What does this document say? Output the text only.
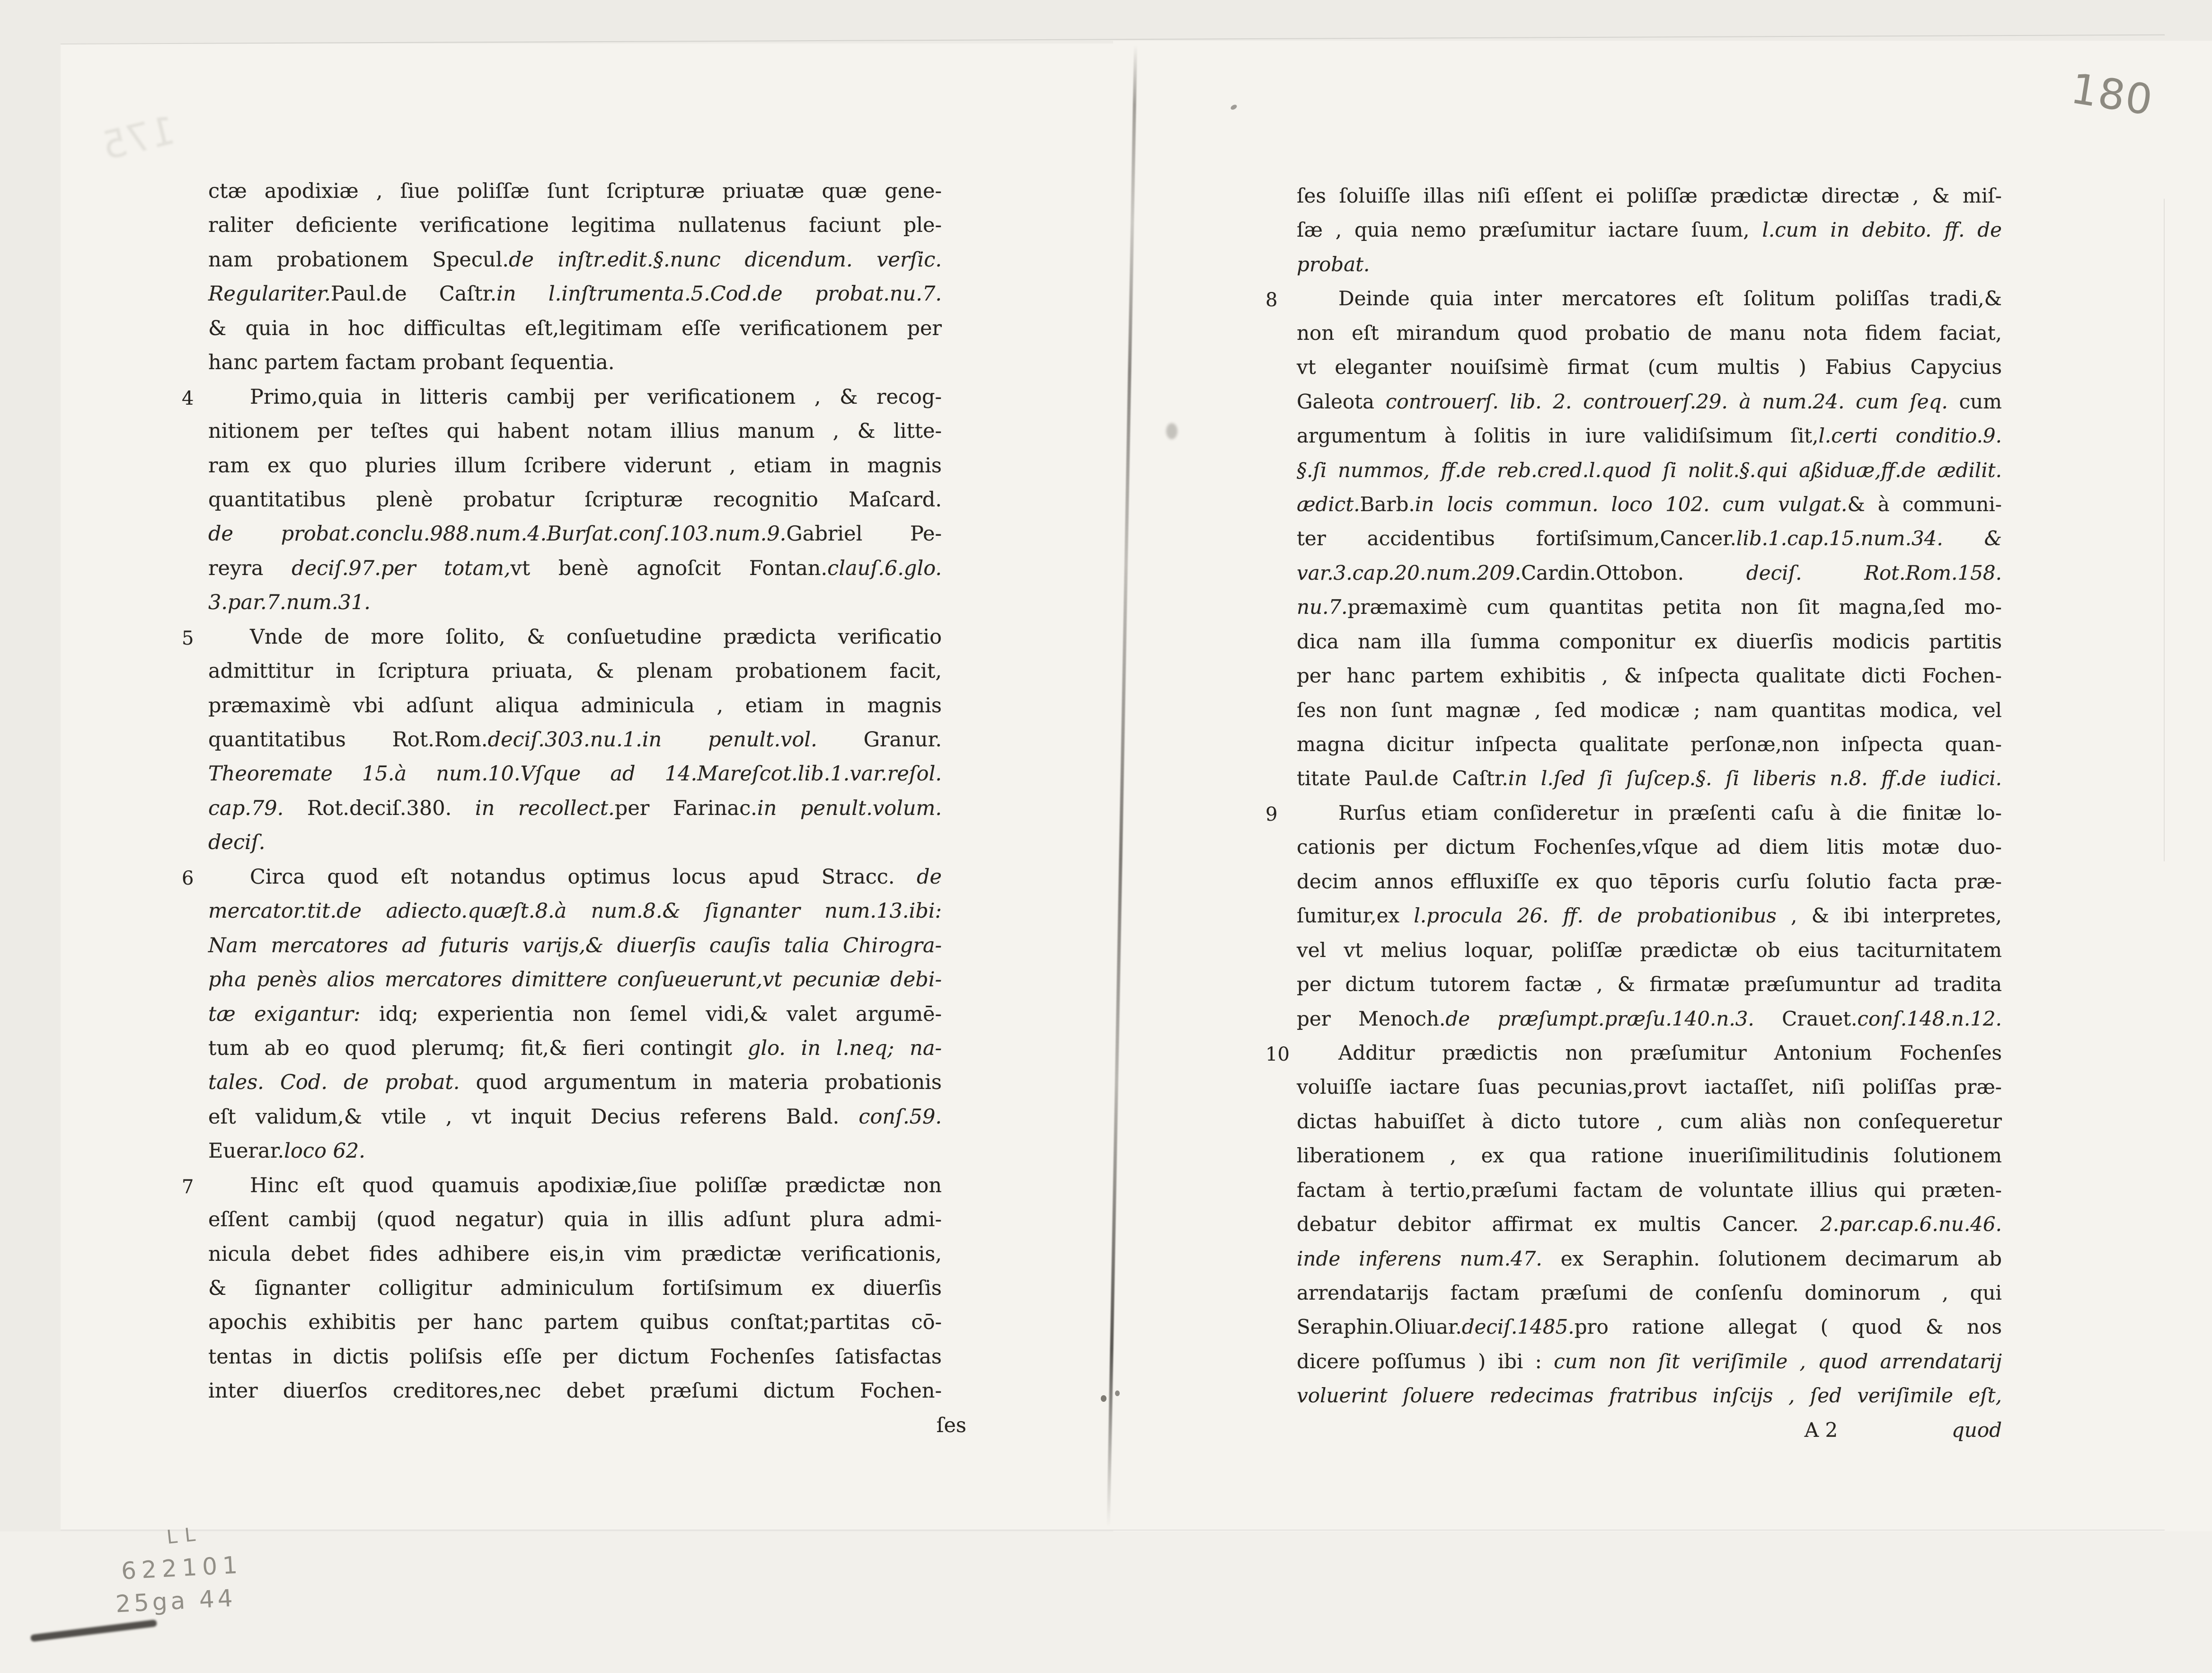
175
ctæ apodixiæ , ſiue poliſſæ ſunt ſcripturæ priuatæ quæ gene-
raliter deficiente verificatione legitima nullatenus faciunt ple-
nam probationem Specul.de inſtr.edit.§.nunc dicendum. verſic.
Regulariter.Paul.de Caſtr.in l.inſtrumenta.5.Cod.de probat.nu.7.
& quia in hoc difficultas eſt,legitimam eſſe verificationem per
hanc partem factam probant ſequentia.
4	Primo,quia in litteris cambij per verificationem , & recog-
nitionem per teſtes qui habent notam illius manum , & litte-
ram ex quo pluries illum ſcribere viderunt , etiam in magnis
quantitatibus plenè probatur ſcripturæ recognitio Maſcard.
de probat.conclu.988.num.4.Burſat.conſ.103.num.9.Gabriel Pe-
reyra deciſ.97.per totam,vt benè agnoſcit Fontan.clauſ.6.glo.
3.par.7.num.31.
5	Vnde de more ſolito, & conſuetudine prædicta verificatio
admittitur in ſcriptura priuata, & plenam probationem facit,
præmaximè vbi adſunt aliqua adminicula , etiam in magnis
quantitatibus Rot.Rom.deciſ.303.nu.1.in penult.vol. Granur.
Theoremate 15.à num.10.Vſque ad 14.Mareſcot.lib.1.var.reſol.
cap.79. Rot.deciſ.380. in recollect.per Farinac.in penult.volum.
deciſ.
6	Circa quod eſt notandus optimus locus apud Stracc. de
mercator.tit.de adiecto.quæſt.8.à num.8.& ſignanter num.13.ibi:
Nam mercatores ad futuris varijs,& diuerſis cauſis talia Chirogra-
pha penès alios mercatores dimittere conſueuerunt,vt pecuniæ debi-
tæ exigantur: idq; experientia non ſemel vidi,& valet argumē-
tum ab eo quod plerumq; fit,& fieri contingit glo. in l.neq; na-
tales. Cod. de probat. quod argumentum in materia probationis
eſt validum,& vtile , vt inquit Decius referens Bald. conſ.59.
Euerar.loco 62.
7	Hinc eſt quod quamuis apodixiæ,ſiue poliſſæ prædictæ non
eſſent cambij (quod negatur) quia in illis adſunt plura admi-
nicula debet fides adhibere eis,in vim prædictæ verificationis,
& ſignanter colligitur adminiculum fortiſsimum ex diuerſis
apochis exhibitis per hanc partem quibus conſtat;partitas cō-
tentas in dictis poliſsis eſſe per dictum Fochenſes ſatisfactas
inter diuerſos creditores,nec debet præſumi dictum Fochen-
ſes
ſes ſoluiſſe illas niſi eſſent ei poliſſæ prædictæ directæ , & miſ-
ſæ , quia nemo præſumitur iactare ſuum, l.cum in debito. ff. de
probat.
8	Deinde quia inter mercatores eſt ſolitum poliſſas tradi,&
non eſt mirandum quod probatio de manu nota fidem faciat,
vt eleganter nouiſsimè firmat (cum multis ) Fabius Capycius
Galeota controuerſ. lib. 2. controuerſ.29. à num.24. cum ſeq. cum
argumentum à ſolitis in iure validiſsimum ſit,l.certi conditio.9.
§.ſi nummos, ff.de reb.cred.l.quod ſi nolit.§.qui aßiduæ,ff.de ædilit.
ædict.Barb.in locis commun. loco 102. cum vulgat.& à communi-
ter accidentibus fortiſsimum,Cancer.lib.1.cap.15.num.34. &
var.3.cap.20.num.209.Cardin.Ottobon. deciſ. Rot.Rom.158.
nu.7.præmaximè cum quantitas petita non ſit magna,ſed mo-
dica nam illa ſumma componitur ex diuerſis modicis partitis
per hanc partem exhibitis , & inſpecta qualitate dicti Fochen-
ſes non ſunt magnæ , ſed modicæ ; nam quantitas modica, vel
magna dicitur inſpecta qualitate perſonæ,non inſpecta quan-
titate Paul.de Caſtr.in l.ſed ſi ſuſcep.§. ſi liberis n.8. ff.de iudici.
9	Rurſus etiam conſideretur in præſenti caſu à die finitæ lo-
cationis per dictum Fochenſes,vſque ad diem litis motæ duo-
decim annos effluxiſſe ex quo tēporis curſu ſolutio facta præ-
ſumitur,ex l.procula 26. ff. de probationibus , & ibi interpretes,
vel vt melius loquar, poliſſæ prædictæ ob eius taciturnitatem
per dictum tutorem factæ , & firmatæ præſumuntur ad tradita
per Menoch.de præſumpt.præſu.140.n.3. Crauet.conſ.148.n.12.
10 Additur prædictis non præſumitur Antonium Fochenſes
voluiſſe iactare ſuas pecunias,provt iactaſſet, niſi poliſſas præ-
dictas habuiſſet à dicto tutore , cum aliàs non conſequeretur
liberationem , ex qua ratione inueriſimilitudinis ſolutionem
factam à tertio,præſumi factam de voluntate illius qui præten-
debatur debitor affirmat ex multis Cancer. 2.par.cap.6.nu.46.
inde inferens num.47. ex Seraphin. ſolutionem decimarum ab
arrendatarijs factam præſumi de conſenſu dominorum , qui
Seraphin.Oliuar.deciſ.1485.pro ratione allegat ( quod & nos
dicere poſſumus ) ibi : cum non ſit veriſimile , quod arrendatarij
voluerint ſoluere redecimas fratribus inſcijs , ſed veriſimile eſt,
A 2	quod
180
LL
622101
25ga 44
